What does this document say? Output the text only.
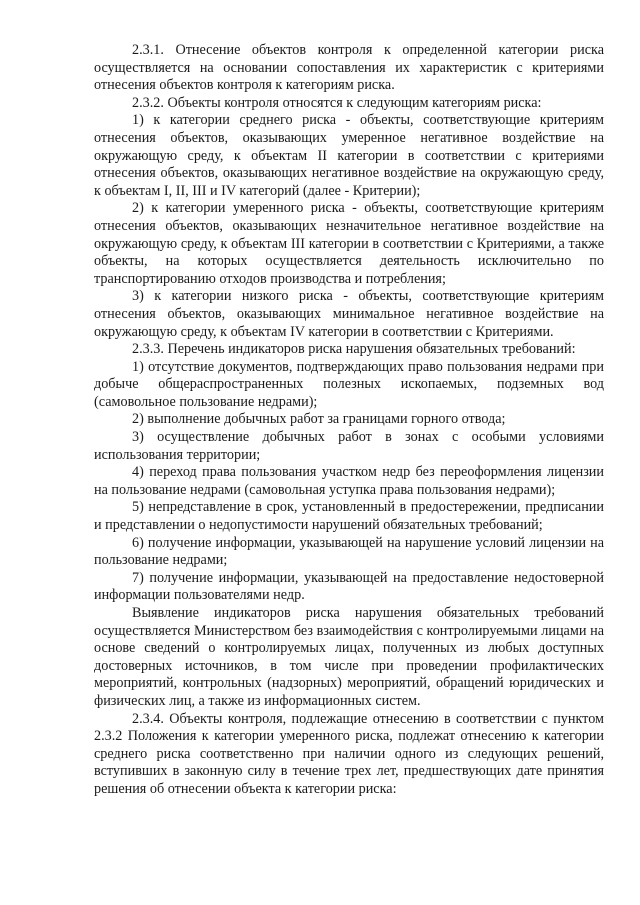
2.3.1. Отнесение объектов контроля к определенной категории риска осуществляется на основании сопоставления их характеристик с критериями отнесения объектов контроля к категориям риска.

2.3.2. Объекты контроля относятся к следующим категориям риска:

1) к категории среднего риска - объекты, соответствующие критериям отнесения объектов, оказывающих умеренное негативное воздействие на окружающую среду, к объектам II категории в соответствии с критериями отнесения объектов, оказывающих негативное воздействие на окружающую среду, к объектам I, II, III и IV категорий (далее - Критерии);

2) к категории умеренного риска - объекты, соответствующие критериям отнесения объектов, оказывающих незначительное негативное воздействие на окружающую среду, к объектам III категории в соответствии с Критериями, а также объекты, на которых осуществляется деятельность исключительно по транспортированию отходов производства и потребления;

3) к категории низкого риска - объекты, соответствующие критериям отнесения объектов, оказывающих минимальное негативное воздействие на окружающую среду, к объектам IV категории в соответствии с Критериями.

2.3.3. Перечень индикаторов риска нарушения обязательных требований:

1) отсутствие документов, подтверждающих право пользования недрами при добыче общераспространенных полезных ископаемых, подземных вод (самовольное пользование недрами);

2) выполнение добычных работ за границами горного отвода;

3) осуществление добычных работ в зонах с особыми условиями использования территории;

4) переход права пользования участком недр без переоформления лицензии на пользование недрами (самовольная уступка права пользования недрами);

5) непредставление в срок, установленный в предостережении, предписании и представлении о недопустимости нарушений обязательных требований;

6) получение информации, указывающей на нарушение условий лицензии на пользование недрами;

7) получение информации, указывающей на предоставление недостоверной информации пользователями недр.

Выявление индикаторов риска нарушения обязательных требований осуществляется Министерством без взаимодействия с контролируемыми лицами на основе сведений о контролируемых лицах, полученных из любых доступных достоверных источников, в том числе при проведении профилактических мероприятий, контрольных (надзорных) мероприятий, обращений юридических и физических лиц, а также из информационных систем.

2.3.4. Объекты контроля, подлежащие отнесению в соответствии с пунктом 2.3.2 Положения к категории умеренного риска, подлежат отнесению к категории среднего риска соответственно при наличии одного из следующих решений, вступивших в законную силу в течение трех лет, предшествующих дате принятия решения об отнесении объекта к категории риска:
